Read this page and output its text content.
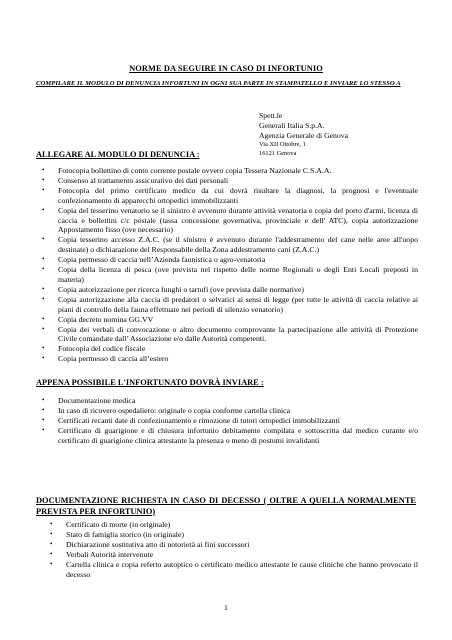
NORME DA SEGUIRE IN CASO DI INFORTUNIO
COMPILARE IL MODULO DI DENUNCIA INFORTUNI IN OGNI SUA PARTE IN STAMPATELLO E INVIARE LO STESSO A
Spett.le
Generali Italia S.p.A.
Agenzia Generale di Genova
Via XII Ottobre, 1
16121 Genova
ALLEGARE AL MODULO DI DENUNCIA :
•	Fotocopia bollettino di conto corrente postale ovvero copia Tessera Nazionale C.S.A.A.
•	Consenso al trattamento assicurativo dei dati personali
•	Fotocopia del primo certificato medico da cui dovrà risultare la diagnosi, la prognosi e l'eventuale confezionamento di apparecchi ortopedici immobilizzanti
•	Copia del tesserino venatorio se il sinistro è avvenuto durante attività venatoria e copia del porto d'armi, licenza di caccia e bollettini c/c postale (tassa concessione governativa, provinciale e dell' ATC), copia autorizzazione Appostamento fisso (ove necessario)
•	Copia tesserino accesso Z.A.C. (se il sinistro è avvenuto durante l'addestramento del cane nelle aree all'uopo destinate) o dichiarazione del Responsabile della Zona addestramento cani (Z.A.C.)
•	Copia permesso di caccia nell’Azienda faunistica o agro-venatoria
•	Copia della licenza di pesca (ove prevista nel rispetto delle norme Regionali o degli Enti Locali preposti in materia)
•	Copia autorizzazione per ricerca funghi o tartufi (ove prevista dalle normative)
•	Copia autorizzazione alla caccia di predatori o selvatici ai sensi di legge (per tutte le attività di caccia relative ai piani di controllo della fauna effettuate nei periodi di silenzio venatorio)
•	Copia decreto nomina GG.VV
•	Copia dei verbali di convocazione o altro documento comprovante la partecipazione alle attività di Protezione Civile comandate dall’ Associazione e/o dalle Autorità competenti.
•	Fotocopia del codice fiscale
•	Copia permesso di caccia all’estero
APPENA POSSIBILE L'INFORTUNATO DOVRÀ INVIARE :
•	Documentazione medica
•	In caso di ricovero ospedaliero: originale o copia conforme cartella clinica
•	Certificati recanti date di confezionamento e rimozione di tutori ortopedici immobilizzanti
•	Certificato di guarigione e di chiusura infortunio debitamente compilata e sottoscritta dal medico curante e/o certificato di guarigione clinica attestante la presenza o meno di postumi invalidanti
DOCUMENTAZIONE RICHIESTA IN CASO DI DECESSO ( OLTRE A QUELLA NORMALMENTE PREVISTA PER INFORTUNIO)
•	Certificato di morte (in originale)
•	Stato di famiglia storico (in originale)
•	Dichiarazione sostitutiva atto di notorietà ai fini successori
•	Verbali Autorità intervenute
•	Cartella clinica e copia referto autoptico o certificato medico attestante le cause cliniche che hanno provocato il decesso
1
